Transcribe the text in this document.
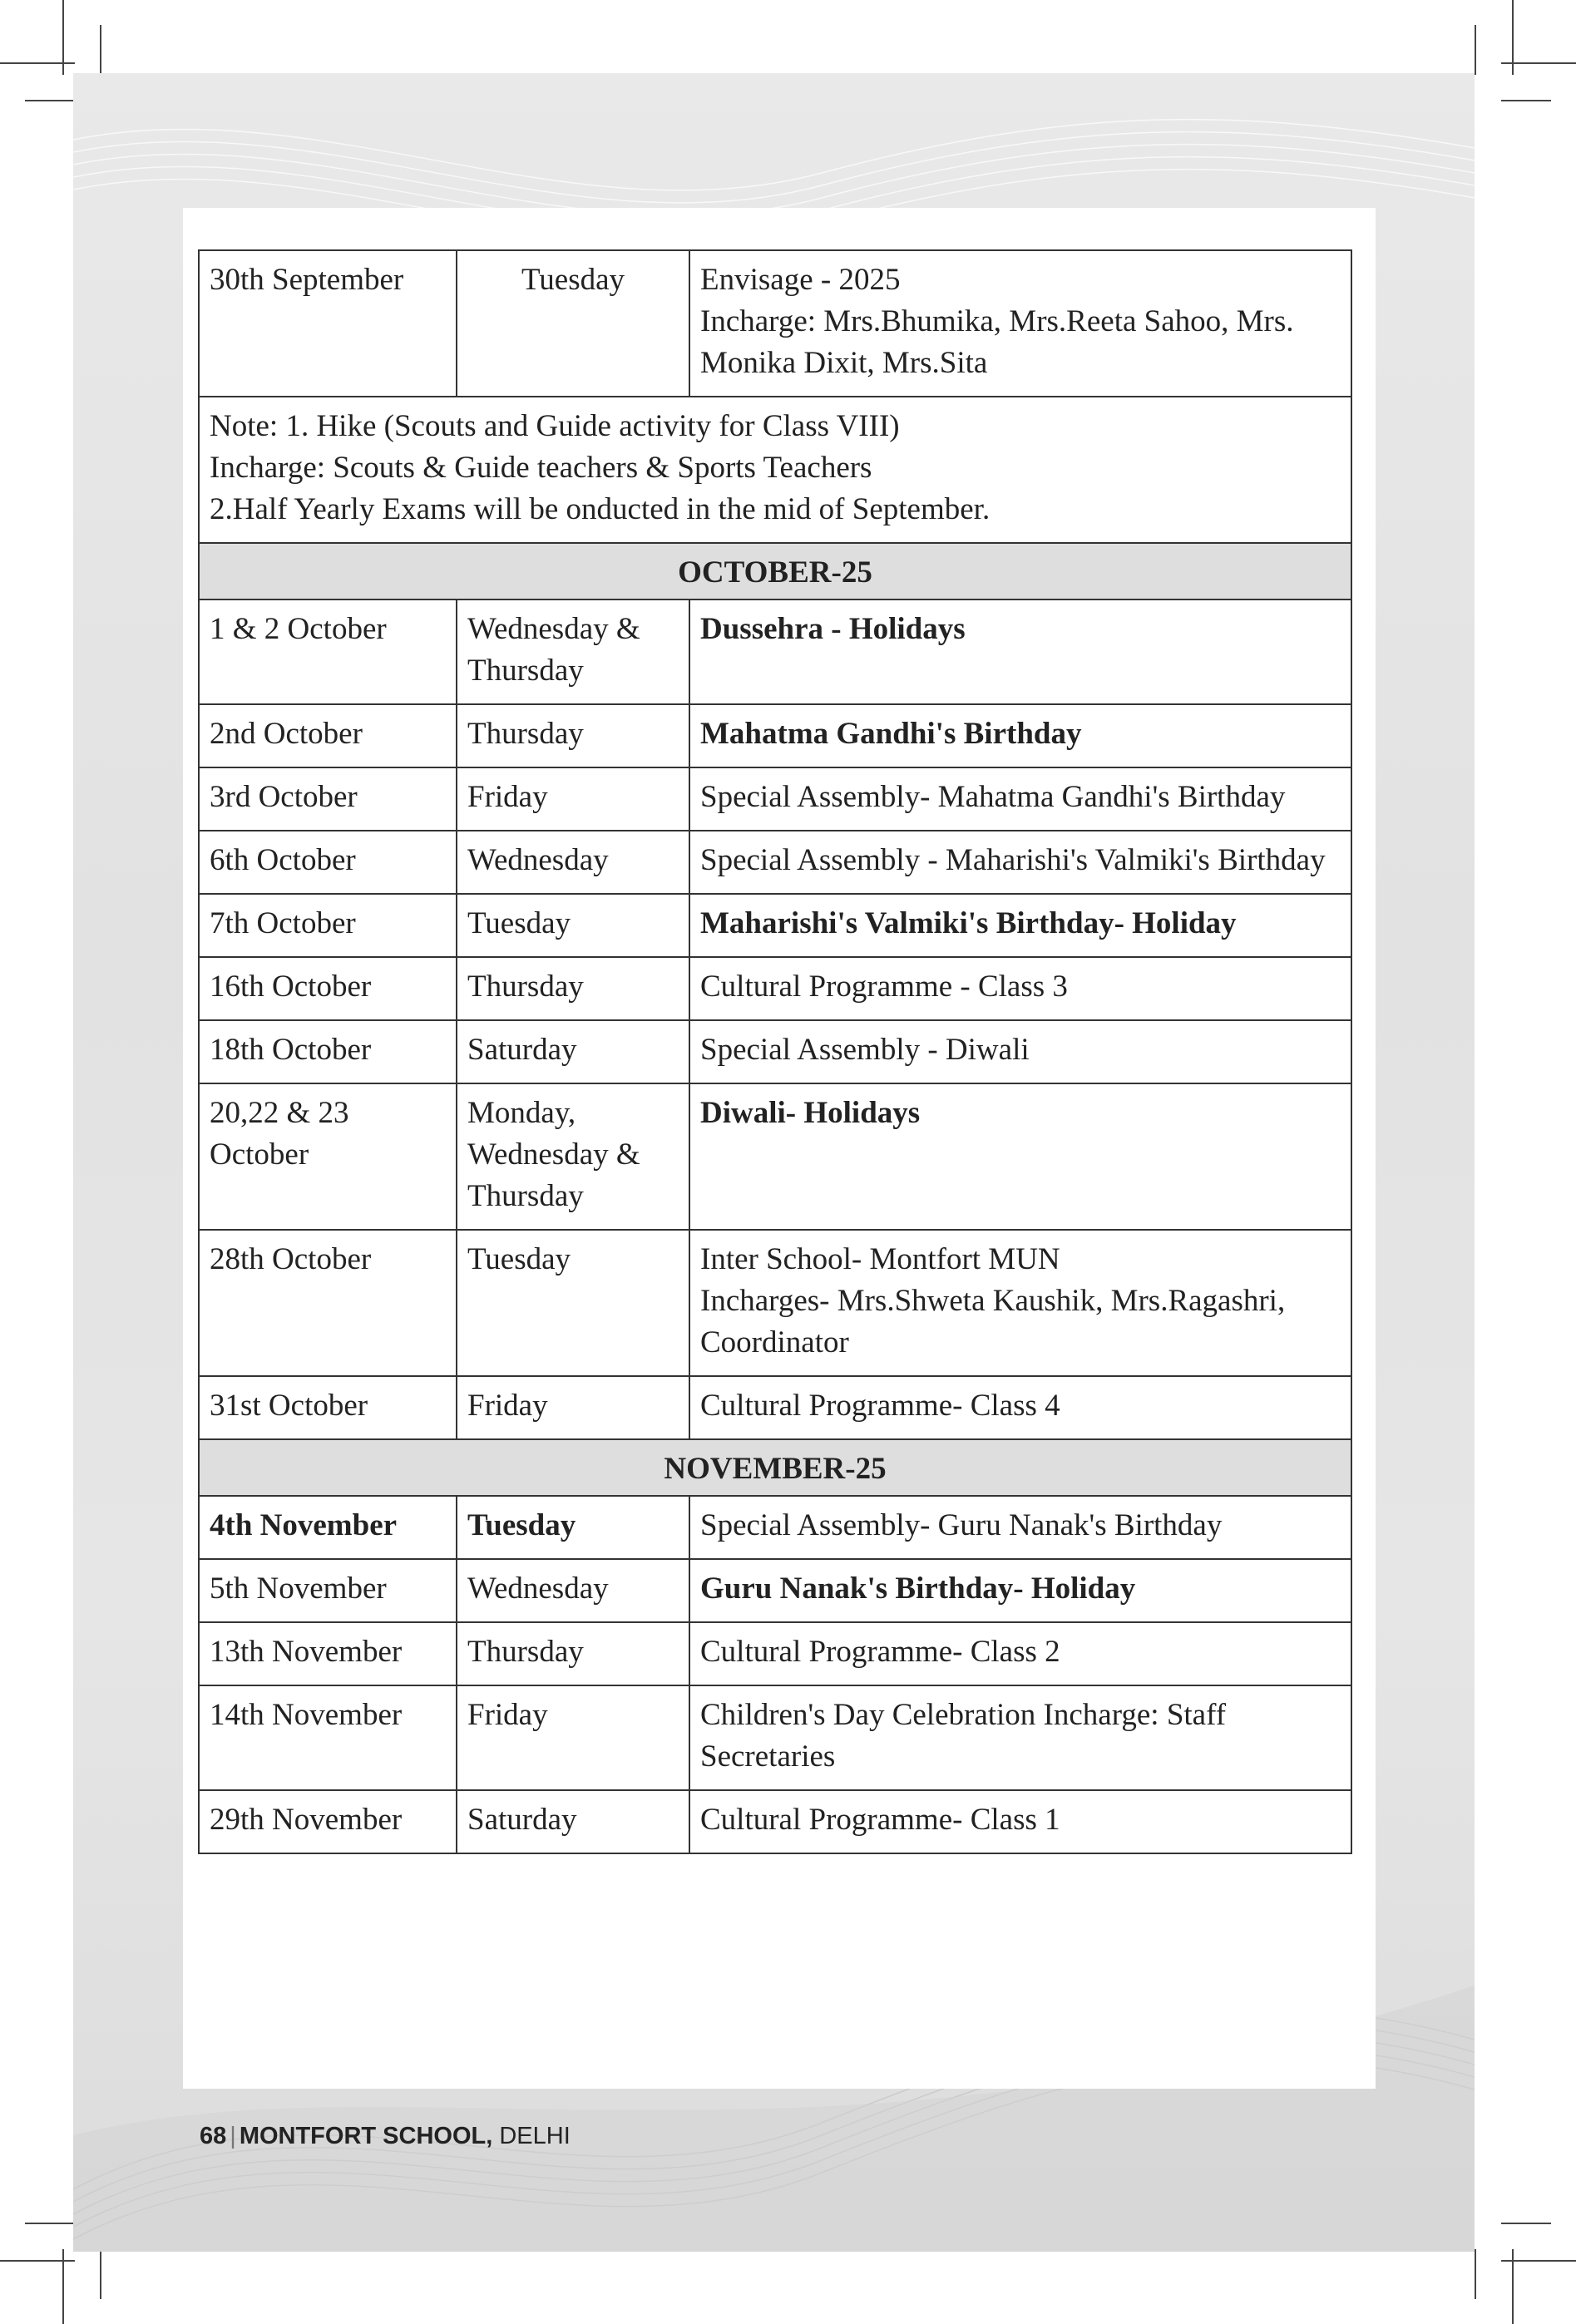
30th September	Tuesday	Envisage - 2025
Incharge: Mrs.Bhumika, Mrs.Reeta Sahoo, Mrs. Monika Dixit, Mrs.Sita

Note: 1. Hike (Scouts and Guide activity for Class VIII)
Incharge: Scouts & Guide teachers & Sports Teachers
2.Half Yearly Exams will be onducted in the mid of September.		

OCTOBER-25		
1 & 2 October	Wednesday & Thursday	Dussehra - Holidays
2nd October	Thursday	Mahatma Gandhi's Birthday
3rd October	Friday	Special Assembly- Mahatma Gandhi's Birthday
6th October	Wednesday	Special Assembly - Maharishi's Valmiki's Birthday
7th October	Tuesday	Maharishi's Valmiki's Birthday- Holiday
16th October	Thursday	Cultural Programme - Class 3
18th October	Saturday	Special Assembly - Diwali
20,22 & 23 October	Monday, Wednesday & Thursday	Diwali- Holidays
28th October	Tuesday	Inter School- Montfort MUN
Incharges- Mrs.Shweta Kaushik, Mrs.Ragashri, Coordinator

31st October	Friday	Cultural Programme- Class 4
NOVEMBER-25		
4th November	Tuesday	Special Assembly- Guru Nanak's Birthday
5th November	Wednesday	Guru Nanak's Birthday- Holiday
13th November	Thursday	Cultural Programme- Class 2
14th November	Friday	Children's Day Celebration Incharge: Staff Secretaries
29th November	Saturday	Cultural Programme- Class 1
68 | MONTFORT SCHOOL, DELHI
